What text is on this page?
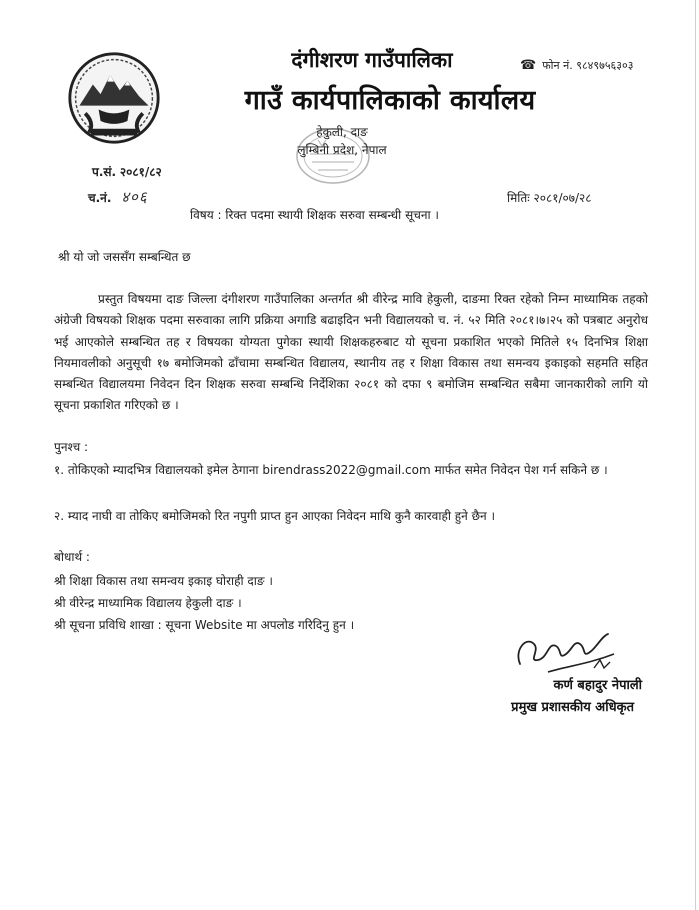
दंगीशरण गाउँपालिका
गाउँ कार्यपालिकाको कार्यालय
☎ फोन नं. ९८४९७५६३०३
हेकुली, दाङ
लुम्बिनी प्रदेश, नेपाल
प.सं. २०८१/८२
च.नं. ४०६	मितिः २०८१/०७/२८
विषय : रिक्त पदमा स्थायी शिक्षक सरुवा सम्बन्धी सूचना ।
श्री यो जो जससँग सम्बन्धित छ
प्रस्तुत विषयमा दाङ जिल्ला दंगीशरण गाउँपालिका अन्तर्गत श्री वीरेन्द्र मावि हेकुली, दाङमा रिक्त रहेको निम्न माध्यामिक तहको अंग्रेजी विषयको शिक्षक पदमा सरुवाका लागि प्रक्रिया अगाडि बढाइदिन भनी विद्यालयको च. नं. ५२ मिति २०८१।७।२५ को पत्रबाट अनुरोध भई आएकोले सम्बन्धित तह र विषयका योग्यता पुगेका स्थायी शिक्षकहरुबाट यो सूचना प्रकाशित भएको मितिले १५ दिनभित्र शिक्षा नियमावलीको अनुसूची १७ बमोजिमको ढाँचामा सम्बन्धित विद्यालय, स्थानीय तह र शिक्षा विकास तथा समन्वय इकाइको सहमति सहित सम्बन्धित विद्यालयमा निवेदन दिन शिक्षक सरुवा सम्बन्धि निर्देशिका २०८१ को दफा ९ बमोजिम सम्बन्धित सबैमा जानकारीको लागि यो सूचना प्रकाशित गरिएको छ ।
पुनश्च :
१. तोकिएको म्यादभित्र विद्यालयको इमेल ठेगाना birendrass2022@gmail.com मार्फत समेत निवेदन पेश गर्न सकिने छ ।
२. म्याद नाघी वा तोकिए बमोजिमको रित नपुगी प्राप्त हुन आएका निवेदन माथि कुनै कारवाही हुने छैन ।
बोधार्थ :
श्री शिक्षा विकास तथा समन्वय इकाइ घोराही दाङ ।
श्री वीरेन्द्र माध्यामिक विद्यालय हेकुली दाङ ।
श्री सूचना प्रविधि शाखा : सूचना Website मा अपलोड गरिदिनु हुन ।
कर्ण बहादुर नेपाली
प्रमुख प्रशासकीय अधिकृत
